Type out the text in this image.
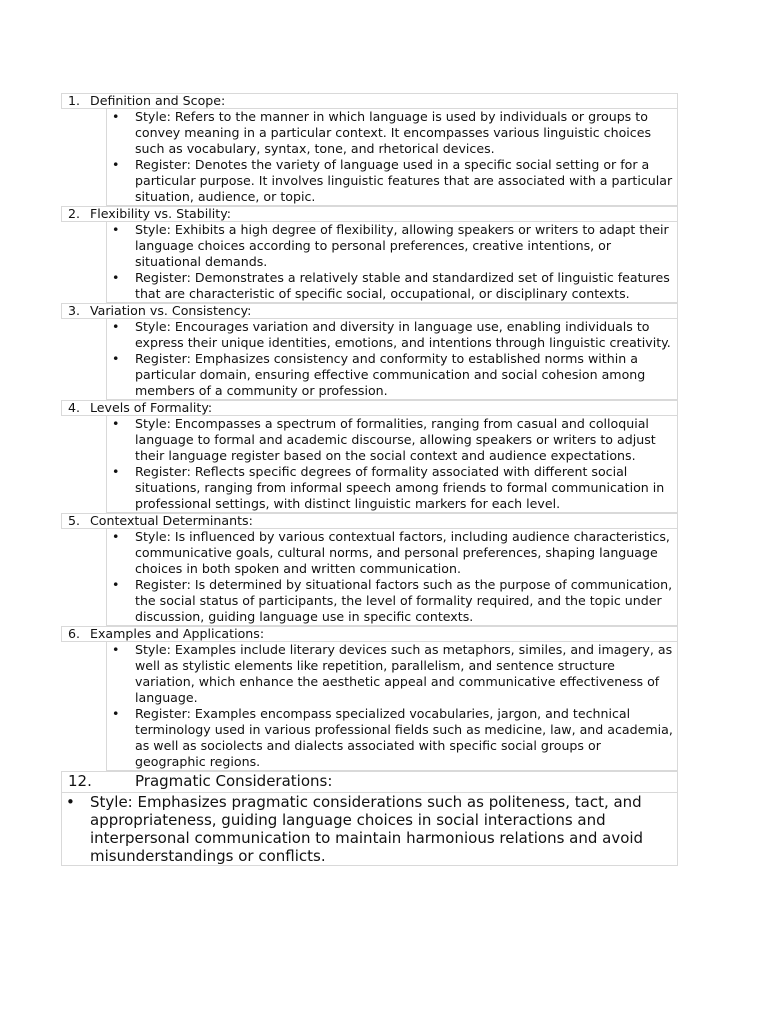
1. Definition and Scope:
• Style: Refers to the manner in which language is used by individuals or groups to convey meaning in a particular context. It encompasses various linguistic choices such as vocabulary, syntax, tone, and rhetorical devices.
• Register: Denotes the variety of language used in a specific social setting or for a particular purpose. It involves linguistic features that are associated with a particular situation, audience, or topic.
2. Flexibility vs. Stability:
• Style: Exhibits a high degree of flexibility, allowing speakers or writers to adapt their language choices according to personal preferences, creative intentions, or situational demands.
• Register: Demonstrates a relatively stable and standardized set of linguistic features that are characteristic of specific social, occupational, or disciplinary contexts.
3. Variation vs. Consistency:
• Style: Encourages variation and diversity in language use, enabling individuals to express their unique identities, emotions, and intentions through linguistic creativity.
• Register: Emphasizes consistency and conformity to established norms within a particular domain, ensuring effective communication and social cohesion among members of a community or profession.
4. Levels of Formality:
• Style: Encompasses a spectrum of formalities, ranging from casual and colloquial language to formal and academic discourse, allowing speakers or writers to adjust their language register based on the social context and audience expectations.
• Register: Reflects specific degrees of formality associated with different social situations, ranging from informal speech among friends to formal communication in professional settings, with distinct linguistic markers for each level.
5. Contextual Determinants:
• Style: Is influenced by various contextual factors, including audience characteristics, communicative goals, cultural norms, and personal preferences, shaping language choices in both spoken and written communication.
• Register: Is determined by situational factors such as the purpose of communication, the social status of participants, the level of formality required, and the topic under discussion, guiding language use in specific contexts.
6. Examples and Applications:
• Style: Examples include literary devices such as metaphors, similes, and imagery, as well as stylistic elements like repetition, parallelism, and sentence structure variation, which enhance the aesthetic appeal and communicative effectiveness of language.
• Register: Examples encompass specialized vocabularies, jargon, and technical terminology used in various professional fields such as medicine, law, and academia, as well as sociolects and dialects associated with specific social groups or geographic regions.
12.	Pragmatic Considerations:
• Style: Emphasizes pragmatic considerations such as politeness, tact, and appropriateness, guiding language choices in social interactions and interpersonal communication to maintain harmonious relations and avoid misunderstandings or conflicts.
